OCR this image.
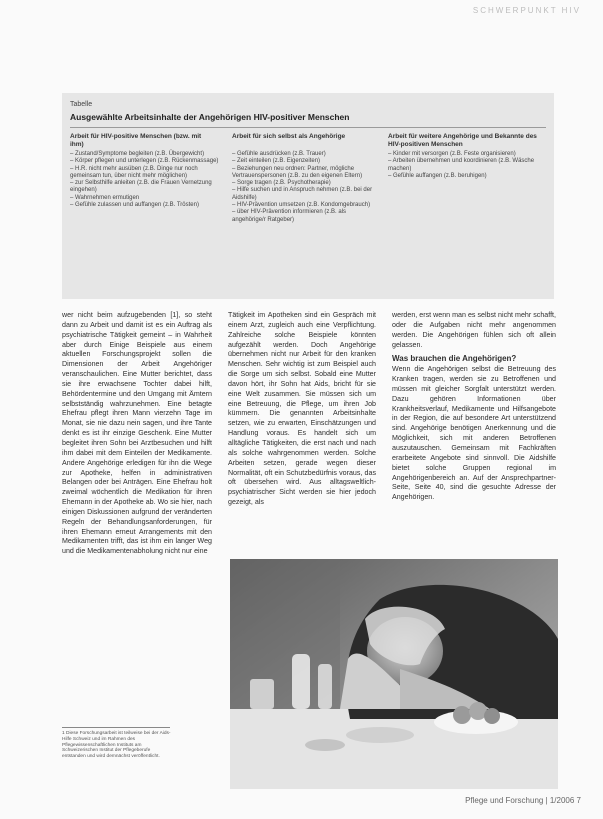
SCHWERPUNKT HIV
Tabelle
Ausgewählte Arbeitsinhalte der Angehörigen HIV-positiver Menschen
Arbeit für HIV-positive Menschen (bzw. mit ihm)
Arbeit für sich selbst als Angehörige	Arbeit für weitere Angehörige und Bekannte des HIV-positiven Menschen
– Zustand/Symptome begleiten (z.B. Übergewicht)
– Körper pflegen und unterlegen (z.B. Rückenmassage)
– H.R. nicht mehr ausüben (z.B. Dinge nur noch gemeinsam tun, über nicht mehr möglichen)
– zur Selbsthilfe anleiten (z.B. die Frauen Vernetzung eingehen)
– Wahrnehmen ermutigen
– Gefühle zulassen und auffangen (z.B. Trösten)
– Gefühle ausdrücken (z.B. Trauer)
– Zeit einteilen (z.B. Eigenzeiten)
– Beziehungen neu ordnen: Partner, mögliche Vertrauenspersonen (z.B. zu den eigenen Eltern)
– Sorge tragen (z.B. Psychotherapie)
– Hilfe suchen und in Anspruch nehmen (z.B. bei der Aidshilfe)
– HIV-Prävention umsetzen (z.B. Kondomgebrauch)
– über HIV-Prävention informieren (z.B. als angehörige/r Ratgeber)
– Kinder mit versorgen (z.B. Feste organisieren)
– Arbeiten übernehmen und koordinieren (z.B. Wäsche machen)
– Gefühle auffangen (z.B. beruhigen)

wer nicht beim aufzugebenden [1], so steht dann zu Arbeit und damit ist es ein Auftrag als psychiatrische Tätigkeit gemeint – in Wahrheit aber durch Einige Beispiele aus einem aktuellen Forschungsprojekt sollen die Dimensionen der Arbeit Angehöriger veranschaulichen. Eine Mutter berichtet, dass sie ihre erwachsene Tochter dabei hilft, Behördentermine und den Umgang mit Ämtern selbstständig wahrzunehmen. Eine betagte Ehefrau pflegt ihren Mann vierzehn Tage im Monat, sie nie dazu nein sagen, und ihre Tante denkt es ist ihr einzige Geschenk. Eine Mutter begleitet ihren Sohn bei Arztbesuchen und hilft ihm dabei mit dem Einteilen der Medikamente. Andere Angehörige erledigen für ihn die Wege zur Apotheke, helfen in administrativen Belangen oder bei Anträgen. Eine Ehefrau holt zweimal wöchentlich die Medikation für ihren Ehemann in der Apotheke ab. Wo sie hier, nach einigen Diskussionen aufgrund der veränderten Regeln der Behandlungsanforderungen, für ihren Ehemann erneut Arrangements mit den Medikamenten trifft, das ist ihm ein langer Weg und die Medikamentenabholung nicht nur eine

Tätigkeit im Apotheken sind ein Gespräch mit einem Arzt, zugleich auch eine Verpflichtung. Zahlreiche solche Beispiele könnten aufgezählt werden. Doch Angehörige übernehmen nicht nur Arbeit für den kranken Menschen. Sehr wichtig ist zum Beispiel auch die Sorge um sich selbst. Sobald eine Mutter davon hört, ihr Sohn hat Aids, bricht für sie eine Welt zusammen. Sie müssen sich um eine Betreuung, die Pflege, um ihren Job kümmern. Die genannten Arbeitsinhalte setzen, wie zu erwarten, Einschätzungen und Handlung voraus. Es handelt sich um alltägliche Tätigkeiten, die erst nach und nach als solche wahrgenommen werden. Solche Arbeiten setzen, gerade wegen dieser Normalität, oft ein Schutzbedürfnis voraus, das oft übersehen wird. Aus alltagsweltlich-psychiatrischer Sicht werden sie hier jedoch gezeigt, als

werden, erst wenn man es selbst nicht mehr schafft, oder die Aufgaben nicht mehr angenommen werden. Die Angehörigen fühlen sich oft allein gelassen.

Was brauchen die Angehörigen?

Wenn die Angehörigen selbst die Betreuung des Kranken tragen, werden sie zu Betroffenen und müssen mit gleicher Sorgfalt unterstützt werden. Dazu gehören Informationen über Krankheitsverlauf, Medikamente und Hilfsangebote in der Region, die auf besondere Art unterstützend sind. Angehörige benötigen Anerkennung und die Möglichkeit, sich mit anderen Betroffenen auszutauschen. Gemeinsam mit Fachkräften erarbeitete Angebote sind sinnvoll. Die Aidshilfe bietet solche Gruppen regional im Angehörigenbereich an. Auf der Ansprechpartner-Seite, Seite 40, sind die gesuchte Adresse der Angehörigen.

1 Diese Forschungsarbeit ist teilweise bei der Aids-Hilfe Schweiz und im Rahmen des Pflegewissenschaftlichen Instituts am Schweizerischen Institut der Pflegeberufe entstanden und wird demnächst veröffentlicht.
Pflege und Forschung | 1/2006 7
